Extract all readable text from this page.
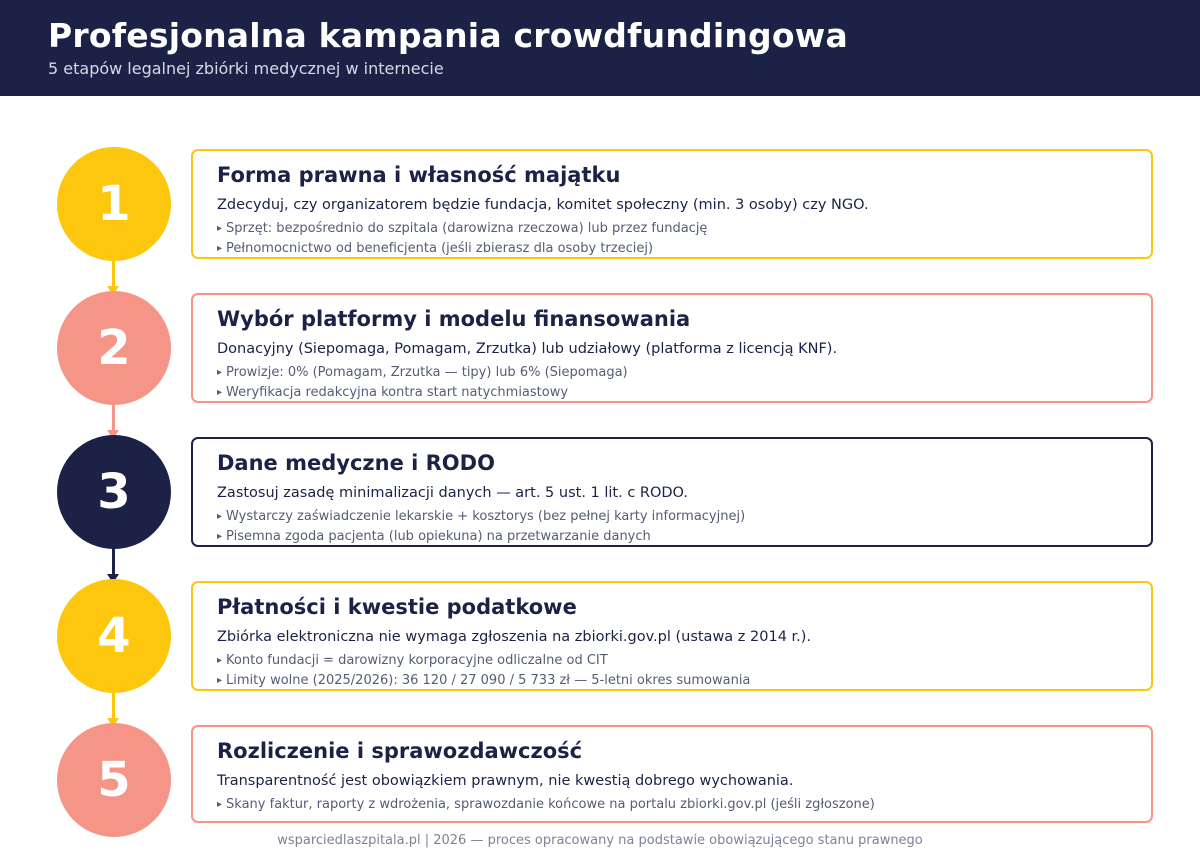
Profesjonalna kampania crowdfundingowa
5 etapów legalnej zbiórki medycznej w internecie
1
Forma prawna i własność majątku
Zdecyduj, czy organizatorem będzie fundacja, komitet społeczny (min. 3 osoby) czy NGO.
▸ Sprzęt: bezpośrednio do szpitala (darowizna rzeczowa) lub przez fundację
▸ Pełnomocnictwo od beneficjenta (jeśli zbierasz dla osoby trzeciej)
2
Wybór platformy i modelu finansowania
Donacyjny (Siepomaga, Pomagam, Zrzutka) lub udziałowy (platforma z licencją KNF).
▸ Prowizje: 0% (Pomagam, Zrzutka — tipy) lub 6% (Siepomaga)
▸ Weryfikacja redakcyjna kontra start natychmiastowy
3
Dane medyczne i RODO
Zastosuj zasadę minimalizacji danych — art. 5 ust. 1 lit. c RODO.
▸ Wystarczy zaświadczenie lekarskie + kosztorys (bez pełnej karty informacyjnej)
▸ Pisemna zgoda pacjenta (lub opiekuna) na przetwarzanie danych
4
Płatności i kwestie podatkowe
Zbiórka elektroniczna nie wymaga zgłoszenia na zbiorki.gov.pl (ustawa z 2014 r.).
▸ Konto fundacji = darowizny korporacyjne odliczalne od CIT
▸ Limity wolne (2025/2026): 36 120 / 27 090 / 5 733 zł — 5-letni okres sumowania
5
Rozliczenie i sprawozdawczość
Transparentność jest obowiązkiem prawnym, nie kwestią dobrego wychowania.
▸ Skany faktur, raporty z wdrożenia, sprawozdanie końcowe na portalu zbiorki.gov.pl (jeśli zgłoszone)
wsparciedlaszpitala.pl | 2026 — proces opracowany na podstawie obowiązującego stanu prawnego
